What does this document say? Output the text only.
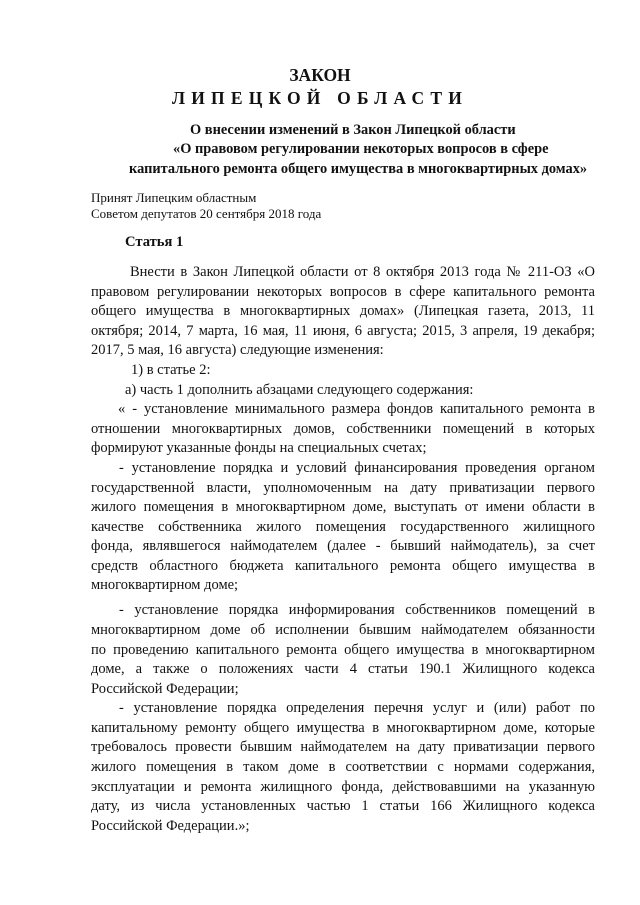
ЗАКОН
ЛИПЕЦКОЙ ОБЛАСТИ
О внесении изменений в Закон Липецкой области
«О правовом регулировании некоторых вопросов в сфере
капитального ремонта общего имущества в многоквартирных домах»
Принят Липецким областным
Советом депутатов 20 сентября 2018 года
Статья 1
Внести в Закон Липецкой области от 8 октября 2013 года № 211-ОЗ «О
правовом регулировании некоторых вопросов в сфере капитального ремонта
общего имущества в многоквартирных домах» (Липецкая газета, 2013, 11
октября; 2014, 7 марта, 16 мая, 11 июня, 6 августа; 2015, 3 апреля, 19 декабря;
2017, 5 мая, 16 августа) следующие изменения:
1) в статье 2:
а) часть 1 дополнить абзацами следующего содержания:
« - установление минимального размера фондов капитального ремонта в
отношении многоквартирных домов, собственники помещений в которых
формируют указанные фонды на специальных счетах;
- установление порядка и условий финансирования проведения органом
государственной власти, уполномоченным на дату приватизации первого
жилого помещения в многоквартирном доме, выступать от имени области в
качестве собственника жилого помещения государственного жилищного
фонда, являвшегося наймодателем (далее - бывший наймодатель), за счет
средств областного бюджета капитального ремонта общего имущества в
многоквартирном доме;
- установление порядка информирования собственников помещений в
многоквартирном доме об исполнении бывшим наймодателем обязанности
по проведению капитального ремонта общего имущества в многоквартирном
доме, а также о положениях части 4 статьи 190.1 Жилищного кодекса
Российской Федерации;
- установление порядка определения перечня услуг и (или) работ по
капитальному ремонту общего имущества в многоквартирном доме, которые
требовалось провести бывшим наймодателем на дату приватизации первого
жилого помещения в таком доме в соответствии с нормами содержания,
эксплуатации и ремонта жилищного фонда, действовавшими на указанную
дату, из числа установленных частью 1 статьи 166 Жилищного кодекса
Российской Федерации.»;
